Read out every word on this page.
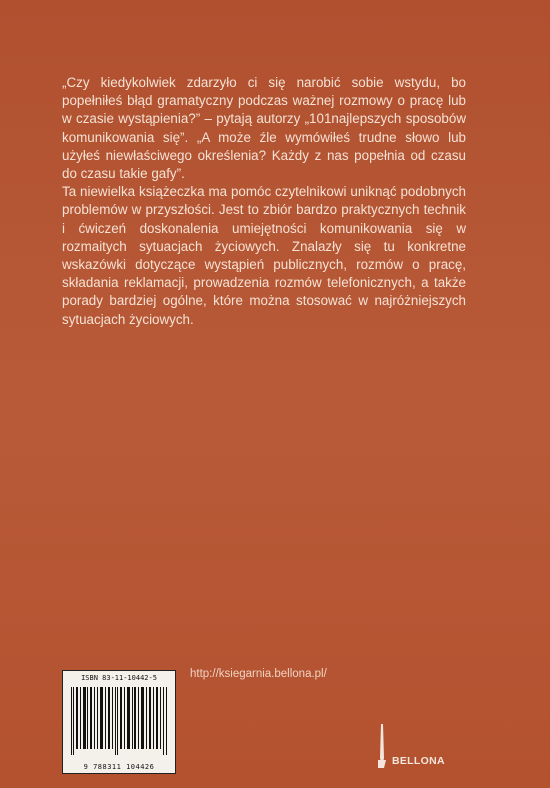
„Czy kiedykolwiek zdarzyło ci się narobić sobie wstydu, bo popełniłeś błąd gramatyczny podczas ważnej rozmowy o pracę lub w czasie wystąpienia?” – pytają autorzy „101najlepszych sposobów komunikowania się”. „A może źle wymówiłeś trudne słowo lub użyłeś niewłaściwego określenia? Każdy z nas popełnia od czasu do czasu takie gafy”.

Ta niewielka książeczka ma pomóc czytelnikowi uniknąć podobnych problemów w przyszłości. Jest to zbiór bardzo praktycznych technik i ćwiczeń doskonalenia umiejętności komunikowania się w rozmaitych sytuacjach życiowych. Znalazły się tu konkretne wskazówki dotyczące wystąpień publicznych, rozmów o pracę, składania reklamacji, prowadzenia rozmów telefonicznych, a także porady bardziej ogólne, które można stosować w najróżniejszych sytuacjach życiowych.

ISBN 83-11-10442-5
9 788311 104426
http://ksiegarnia.bellona.pl/
BELLONA
